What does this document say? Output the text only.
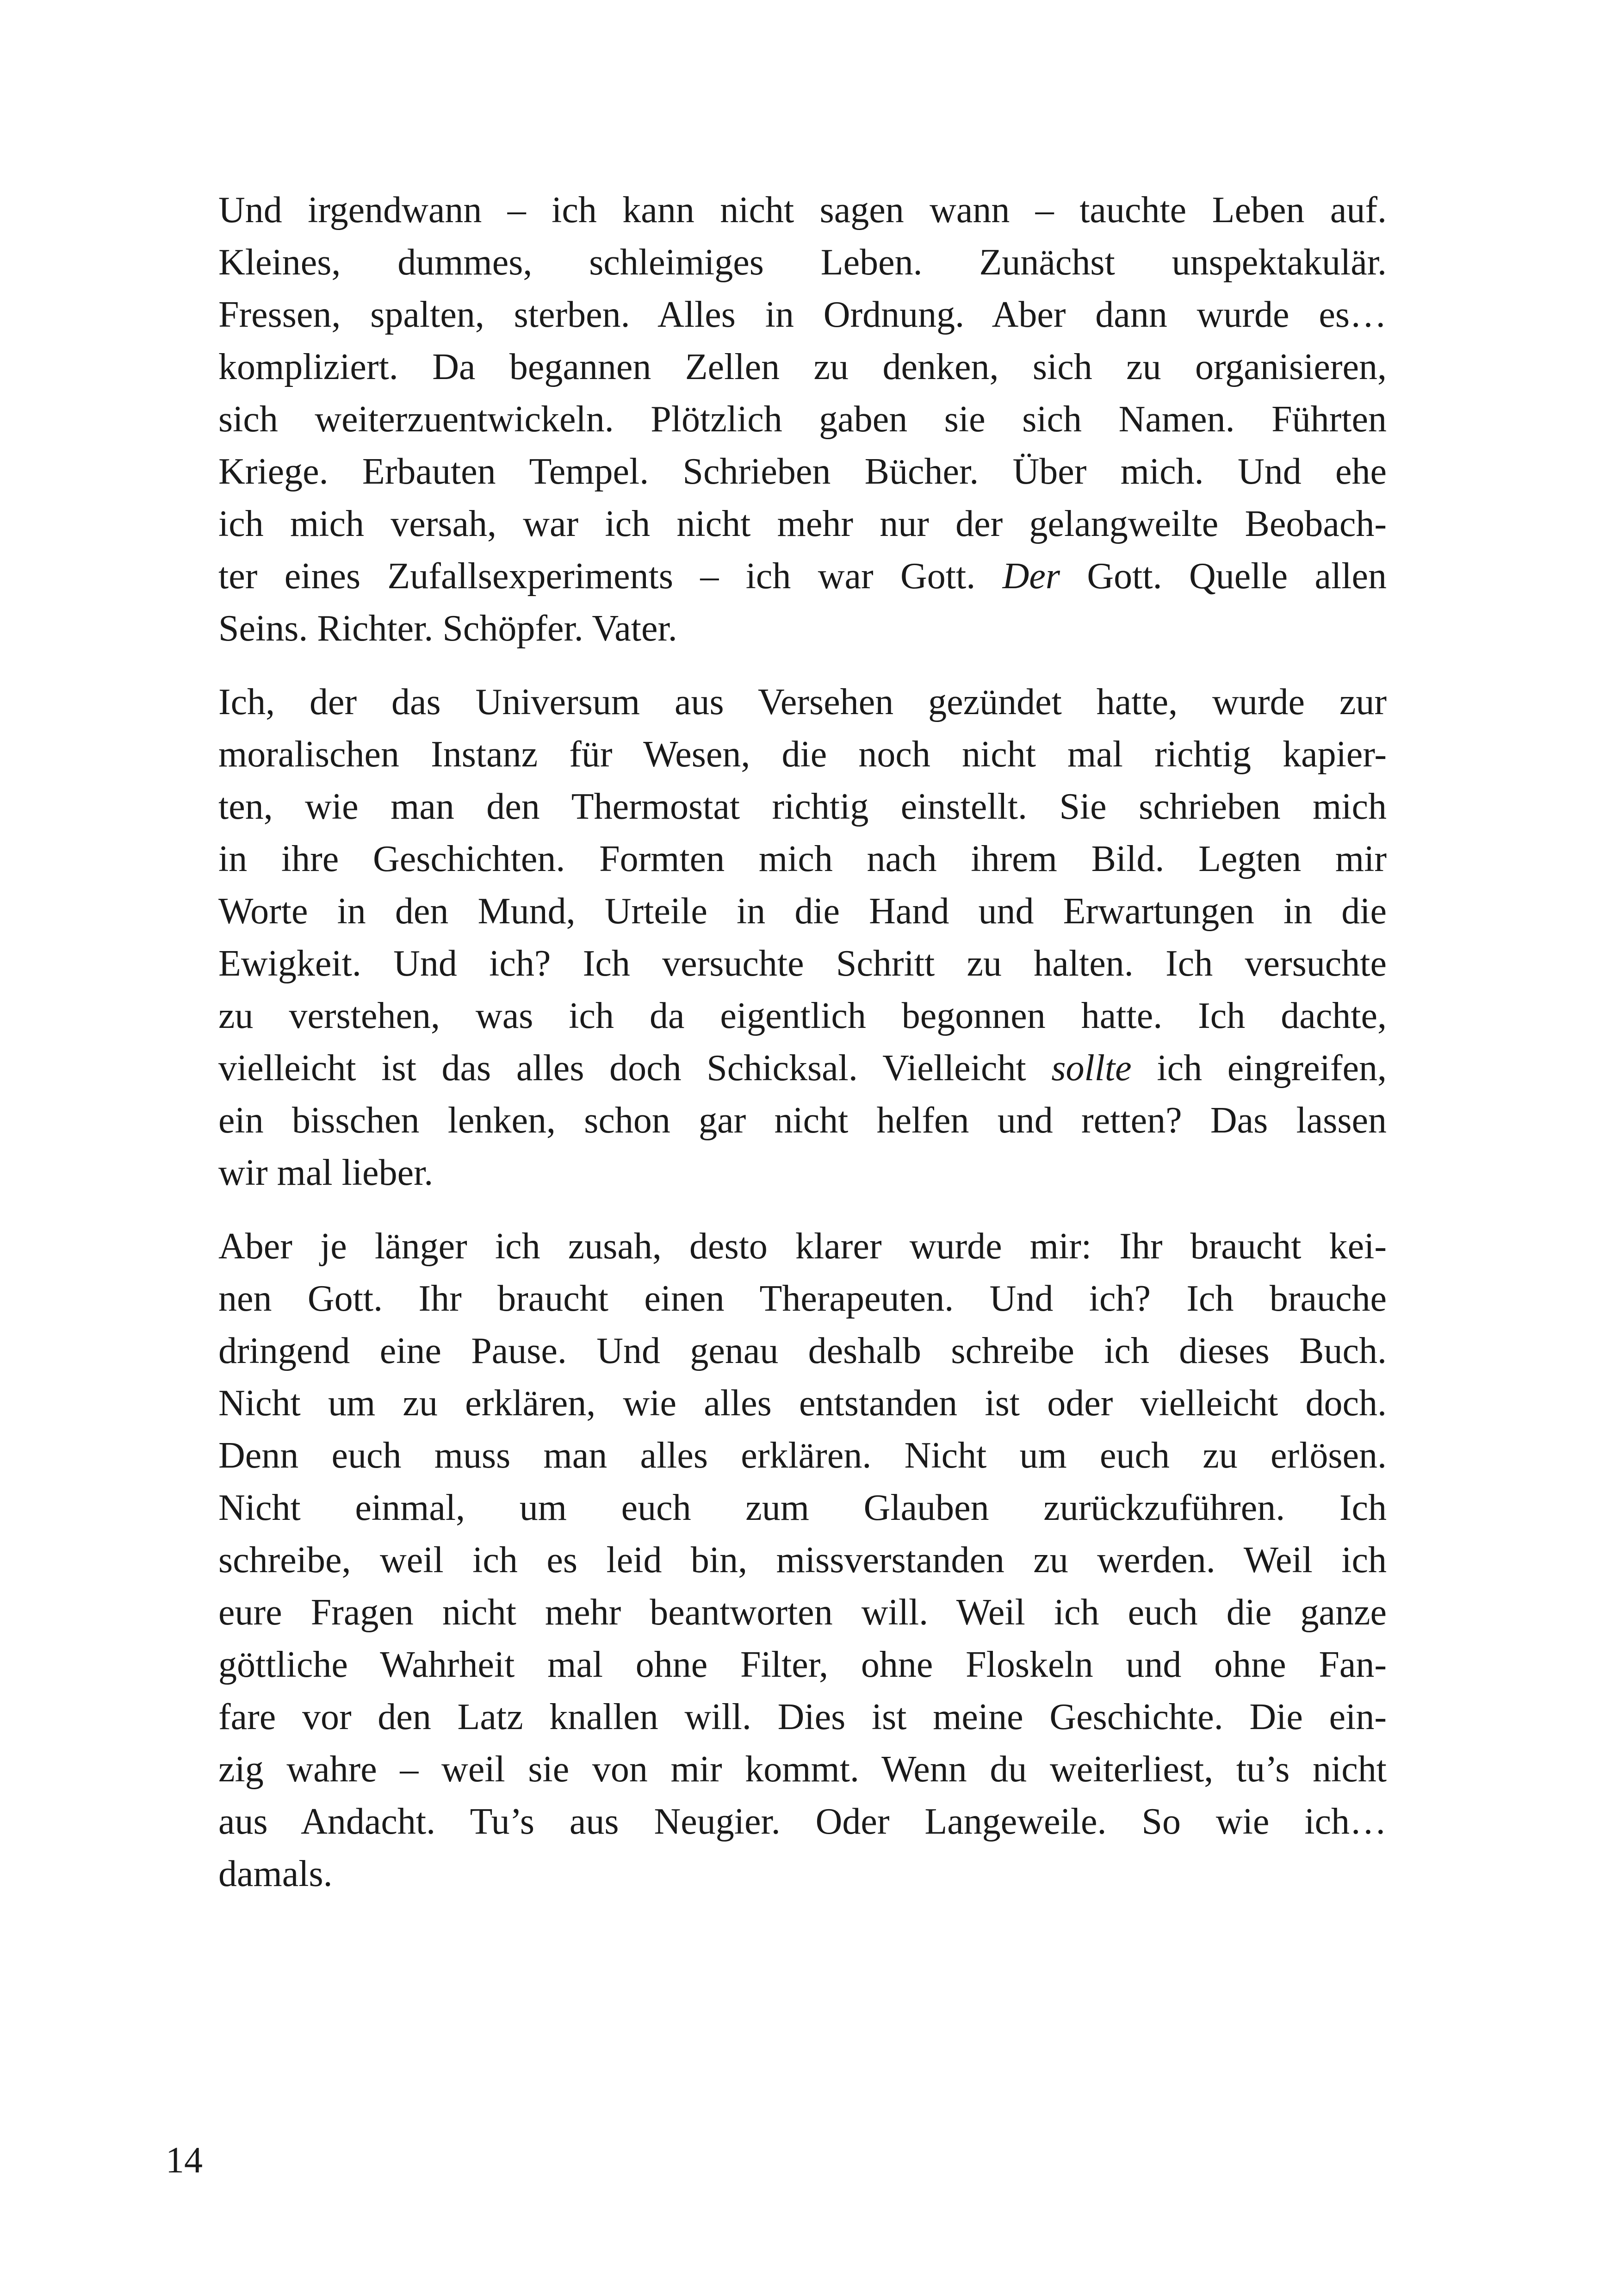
Und irgendwann – ich kann nicht sagen wann – tauchte Leben auf.
Kleines, dummes, schleimiges Leben. Zunächst unspektakulär.
Fressen, spalten, sterben. Alles in Ordnung. Aber dann wurde es…
kompliziert. Da begannen Zellen zu denken, sich zu organisieren,
sich weiterzuentwickeln. Plötzlich gaben sie sich Namen. Führten
Kriege. Erbauten Tempel. Schrieben Bücher. Über mich. Und ehe
ich mich versah, war ich nicht mehr nur der gelangweilte Beobach-
ter eines Zufallsexperiments – ich war Gott. Der Gott. Quelle allen
Seins. Richter. Schöpfer. Vater.

Ich, der das Universum aus Versehen gezündet hatte, wurde zur
moralischen Instanz für Wesen, die noch nicht mal richtig kapier-
ten, wie man den Thermostat richtig einstellt. Sie schrieben mich
in ihre Geschichten. Formten mich nach ihrem Bild. Legten mir
Worte in den Mund, Urteile in die Hand und Erwartungen in die
Ewigkeit. Und ich? Ich versuchte Schritt zu halten. Ich versuchte
zu verstehen, was ich da eigentlich begonnen hatte. Ich dachte,
vielleicht ist das alles doch Schicksal. Vielleicht sollte ich eingreifen,
ein bisschen lenken, schon gar nicht helfen und retten? Das lassen
wir mal lieber.

Aber je länger ich zusah, desto klarer wurde mir: Ihr braucht kei-
nen Gott. Ihr braucht einen Therapeuten. Und ich? Ich brauche
dringend eine Pause. Und genau deshalb schreibe ich dieses Buch.
Nicht um zu erklären, wie alles entstanden ist oder vielleicht doch.
Denn euch muss man alles erklären. Nicht um euch zu erlösen.
Nicht einmal, um euch zum Glauben zurückzuführen. Ich
schreibe, weil ich es leid bin, missverstanden zu werden. Weil ich
eure Fragen nicht mehr beantworten will. Weil ich euch die ganze
göttliche Wahrheit mal ohne Filter, ohne Floskeln und ohne Fan-
fare vor den Latz knallen will. Dies ist meine Geschichte. Die ein-
zig wahre – weil sie von mir kommt. Wenn du weiterliest, tu’s nicht
aus Andacht. Tu’s aus Neugier. Oder Langeweile. So wie ich…
damals.

14
